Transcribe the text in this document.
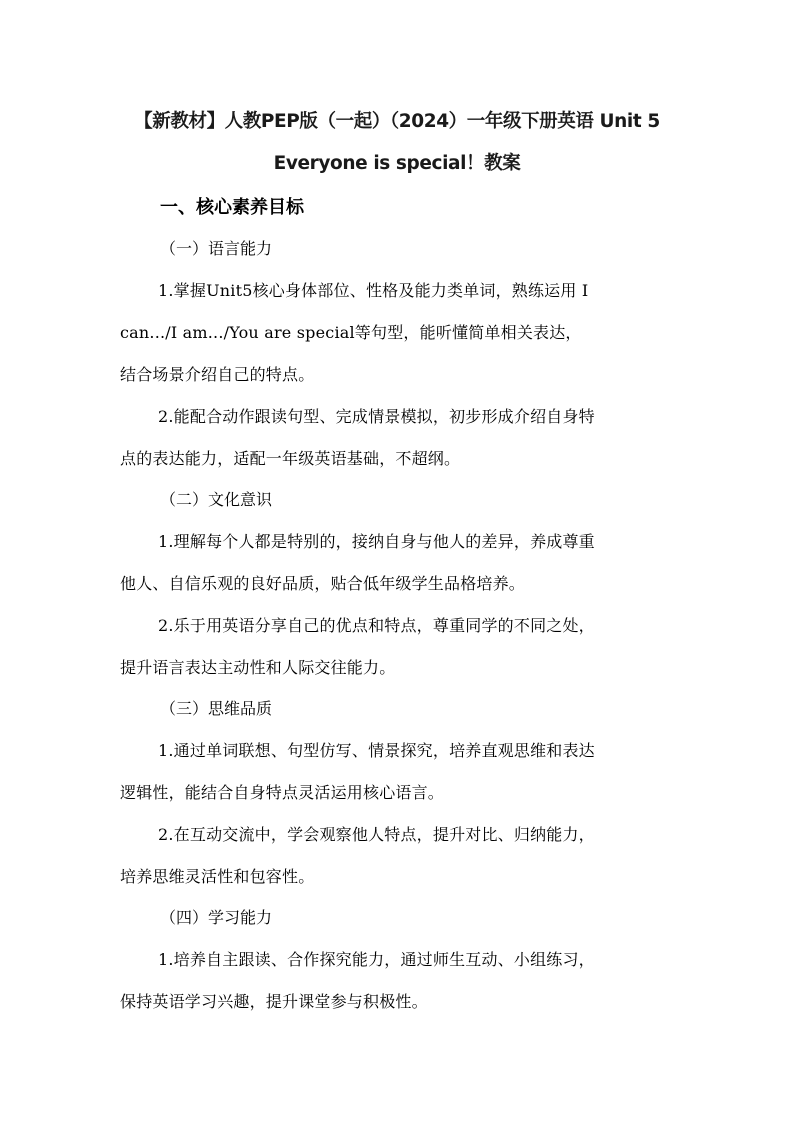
【新教材】人教PEP版（一起）（2024）一年级下册英语 Unit 5
Everyone is special！教案
一、核心素养目标
（一）语言能力
1.掌握Unit5核心身体部位、性格及能力类单词，熟练运用 I
can.../I am.../You are special等句型，能听懂简单相关表达，
结合场景介绍自己的特点。
2.能配合动作跟读句型、完成情景模拟，初步形成介绍自身特
点的表达能力，适配一年级英语基础，不超纲。
（二）文化意识
1.理解每个人都是特别的，接纳自身与他人的差异，养成尊重
他人、自信乐观的良好品质，贴合低年级学生品格培养。
2.乐于用英语分享自己的优点和特点，尊重同学的不同之处，
提升语言表达主动性和人际交往能力。
（三）思维品质
1.通过单词联想、句型仿写、情景探究，培养直观思维和表达
逻辑性，能结合自身特点灵活运用核心语言。
2.在互动交流中，学会观察他人特点，提升对比、归纳能力，
培养思维灵活性和包容性。
（四）学习能力
1.培养自主跟读、合作探究能力，通过师生互动、小组练习，
保持英语学习兴趣，提升课堂参与积极性。
